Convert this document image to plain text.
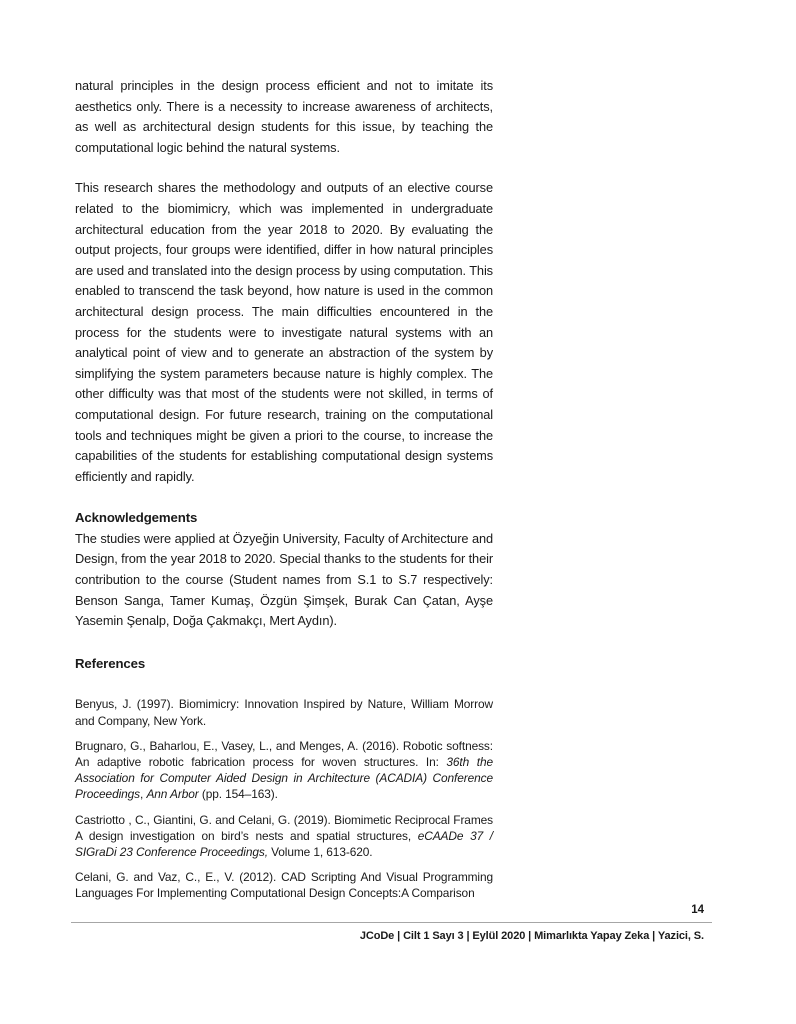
natural principles in the design process efficient and not to imitate its aesthetics only. There is a necessity to increase awareness of architects, as well as architectural design students for this issue, by teaching the computational logic behind the natural systems.

This research shares the methodology and outputs of an elective course related to the biomimicry, which was implemented in undergraduate architectural education from the year 2018 to 2020. By evaluating the output projects, four groups were identified, differ in how natural principles are used and translated into the design process by using computation. This enabled to transcend the task beyond, how nature is used in the common architectural design process. The main difficulties encountered in the process for the students were to investigate natural systems with an analytical point of view and to generate an abstraction of the system by simplifying the system parameters because nature is highly complex. The other difficulty was that most of the students were not skilled, in terms of computational design. For future research, training on the computational tools and techniques might be given a priori to the course, to increase the capabilities of the students for establishing computational design systems efficiently and rapidly.

Acknowledgements

The studies were applied at Özyeğin University, Faculty of Architecture and Design, from the year 2018 to 2020. Special thanks to the students for their contribution to the course (Student names from S.1 to S.7 respectively: Benson Sanga, Tamer Kumaş, Özgün Şimşek, Burak Can Çatan, Ayşe Yasemin Şenalp, Doğa Çakmakçı, Mert Aydın).

References

Benyus, J. (1997). Biomimicry: Innovation Inspired by Nature, William Morrow and Company, New York.

Brugnaro, G., Baharlou, E., Vasey, L., and Menges, A. (2016). Robotic softness: An adaptive robotic fabrication process for woven structures. In: 36th the Association for Computer Aided Design in Architecture (ACADIA) Conference Proceedings, Ann Arbor (pp. 154–163).

Castriotto , C., Giantini, G. and Celani, G. (2019). Biomimetic Reciprocal Frames A design investigation on bird’s nests and spatial structures, eCAADe 37 / SIGraDi 23 Conference Proceedings, Volume 1, 613-620.

Celani, G. and Vaz, C., E., V. (2012). CAD Scripting And Visual Programming Languages For Implementing Computational Design Concepts:A Comparison

14
JCoDe | Cilt 1 Sayı 3 | Eylül 2020 | Mimarlıkta Yapay Zeka | Yazici, S.
